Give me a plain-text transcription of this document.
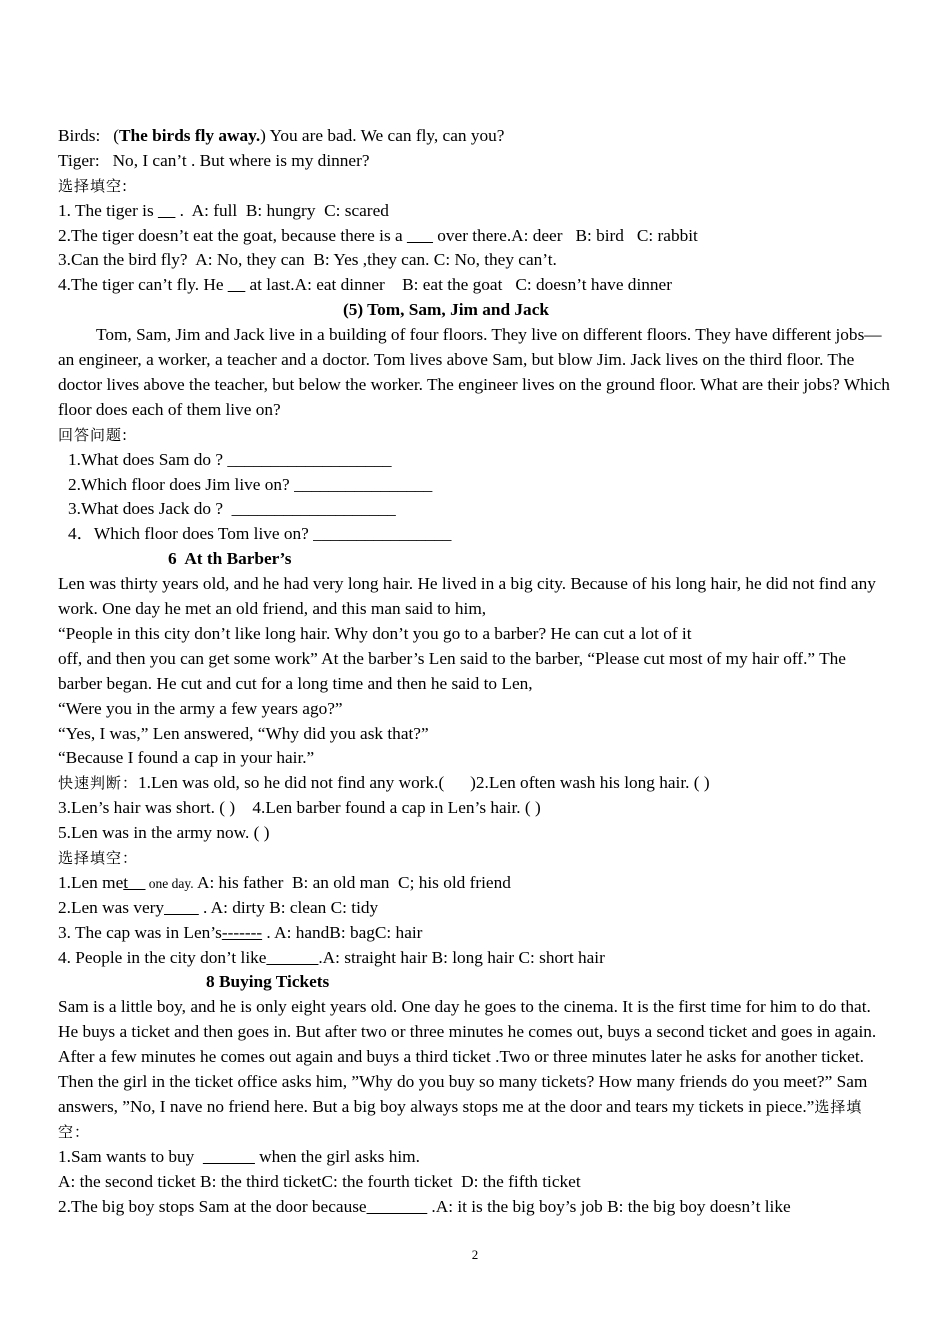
Birds: (The birds fly away.) You are bad. We can fly, can you?
Tiger:   No, I can’t . But where is my dinner?
选择填空:
1. The tiger is __ .  A: full  B: hungry  C: scared
2.The tiger doesn’t eat the goat, because there is a ___ over there.A: deer   B: bird   C: rabbit
3.Can the bird fly?  A: No, they can  B: Yes ,they can. C: No, they can’t.
4.The tiger can’t fly. He __ at last.A: eat dinner    B: eat the goat   C: doesn’t have dinner
(5) Tom, Sam, Jim and Jack
Tom, Sam, Jim and Jack live in a building of four floors. They live on different floors. They have different jobs—an engineer, a worker, a teacher and a doctor. Tom lives above Sam, but blow Jim. Jack lives on the third floor. The doctor lives above the teacher, but below the worker. The engineer lives on the ground floor. What are their jobs? Which floor does each of them live on?
回答问题:
1.What does Sam do ? ___________________
2.Which floor does Jim live on? ________________
3.What does Jack do ?  ___________________
4．Which floor does Tom live on? ________________
6  At th Barber’s
Len was thirty years old, and he had very long hair. He lived in a big city. Because of his long hair, he did not find any work. One day he met an old friend, and this man said to him,
“People in this city don’t like long hair. Why don’t you go to a barber? He can cut a lot of it
off, and then you can get some work” At the barber’s Len said to the barber, “Please cut most of my hair off.” The barber began. He cut and cut for a long time and then he said to Len,
“Were you in the army a few years ago?”
“Yes, I was,” Len answered, “Why did you ask that?”
“Because I found a cap in your hair.”
快速判断：1.Len was old, so he did not find any work.(      )2.Len often wash his long hair. ( )
3.Len’s hair was short. ( )    4.Len barber found a cap in Len’s hair. ( )
5.Len was in the army now. ( )
选择填空：
1.Len met__ one day. A: his father  B: an old man  C; his old friend
2.Len was very____ . A: dirty B: clean C: tidy
3. The cap was in Len’s------- . A: handB: bagC: hair
4. People in the city don’t like______.A: straight hair B: long hair C: short hair
8 Buying Tickets
Sam is a little boy, and he is only eight years old. One day he goes to the cinema. It is the first time for him to do that. He buys a ticket and then goes in. But after two or three minutes he comes out, buys a second ticket and goes in again. After a few minutes he comes out again and buys a third ticket .Two or three minutes later he asks for another ticket. Then the girl in the ticket office asks him, ”Why do you buy so many tickets? How many friends do you meet?” Sam answers, ”No, I nave no friend here. But a big boy always stops me at the door and tears my tickets in piece.”选择填空：
1.Sam wants to buy  ______ when the girl asks him.
A: the second ticket B: the third ticketC: the fourth ticket  D: the fifth ticket
2.The big boy stops Sam at the door because_______ .A: it is the big boy’s job B: the big boy doesn’t like
2
